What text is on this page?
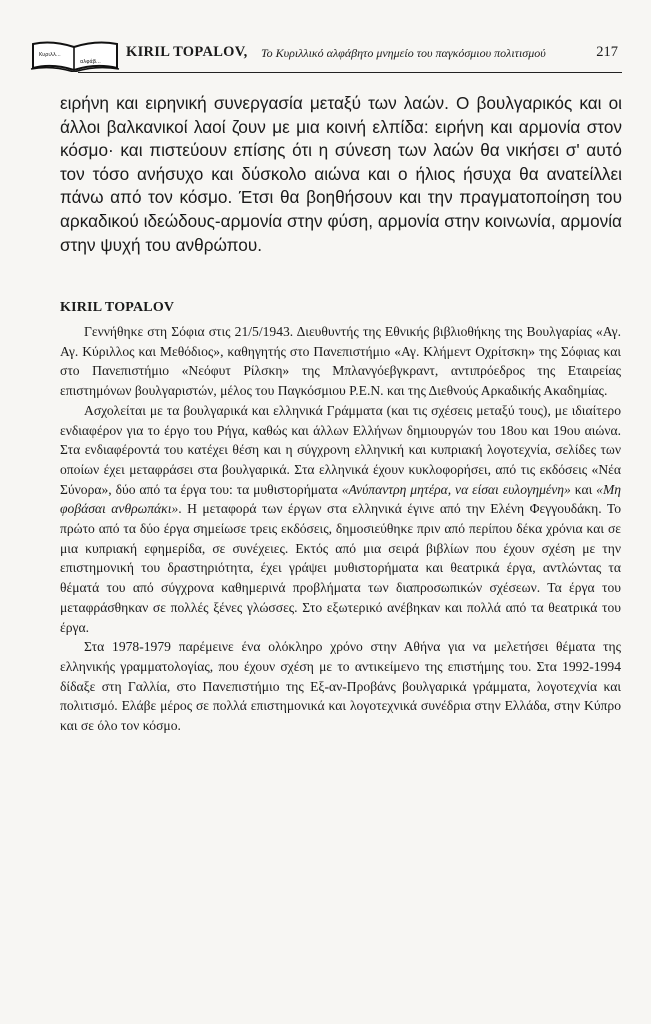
Κυριλλ...
αλφάβ...
KIRIL TOPALOV, Το Κυριλλικό αλφάβητο μνημείο του παγκόσμιου πολιτισμού	217

ειρήνη και ειρηνική συνεργασία μεταξύ των λαών. Ο βουλγαρικός και οι άλλοι βαλκανικοί λαοί ζουν με μια κοινή ελπίδα: ειρήνη και αρμονία στον κόσμο· και πιστεύουν επίσης ότι η σύνεση των λαών θα νικήσει σ' αυτό τον τόσο ανήσυχο και δύσκολο αιώνα και ο ήλιος ήσυχα θα ανατείλλει πάνω από τον κόσμο. Έτσι θα βοηθήσουν και την πραγματοποίηση του αρκαδικού ιδεώδους-αρμονία στην φύση, αρμονία στην κοινωνία, αρμονία στην ψυχή του ανθρώπου.

KIRIL TOPALOV

Γεννήθηκε στη Σόφια στις 21/5/1943. Διευθυντής της Εθνικής βιβλιοθήκης της Βουλγαρίας «Αγ. Αγ. Κύριλλος και Μεθόδιος», καθηγητής στο Πανεπιστήμιο «Αγ. Κλήμεντ Οχρίτσκη» της Σόφιας και στο Πανεπιστήμιο «Νεόφυτ Ρίλσκη» της Μπλανγόεβγκραντ, αντιπρόεδρος της Εταιρείας επιστημόνων βουλγαριστών, μέλος του Παγκόσμιου Ρ.Ε.Ν. και της Διεθνούς Αρκαδικής Ακαδημίας.

Ασχολείται με τα βουλγαρικά και ελληνικά Γράμματα (και τις σχέσεις μεταξύ τους), με ιδιαίτερο ενδιαφέρον για το έργο του Ρήγα, καθώς και άλλων Ελλήνων δημιουργών του 18ου και 19ου αιώνα. Στα ενδιαφέροντά του κατέχει θέση και η σύγχρονη ελληνική και κυπριακή λογοτεχνία, σελίδες των οποίων έχει μεταφράσει στα βουλγαρικά. Στα ελληνικά έχουν κυκλοφορήσει, από τις εκδόσεις «Νέα Σύνορα», δύο από τα έργα του: τα μυθιστορήματα «Ανύπαντρη μητέρα, να είσαι ευλογημένη» και «Μη φοβάσαι ανθρωπάκι». Η μεταφορά των έργων στα ελληνικά έγινε από την Ελένη Φεγγουδάκη. Το πρώτο από τα δύο έργα σημείωσε τρεις εκδόσεις, δημοσιεύθηκε πριν από περίπου δέκα χρόνια και σε μια κυπριακή εφημερίδα, σε συνέχειες. Εκτός από μια σειρά βιβλίων που έχουν σχέση με την επιστημονική του δραστηριότητα, έχει γράψει μυθιστορήματα και θεατρικά έργα, αντλώντας τα θέματά του από σύγχρονα καθημερινά προβλήματα των διαπροσωπικών σχέσεων. Τα έργα του μεταφράσθηκαν σε πολλές ξένες γλώσσες. Στο εξωτερικό ανέβηκαν και πολλά από τα θεατρικά του έργα.

Στα 1978-1979 παρέμεινε ένα ολόκληρο χρόνο στην Αθήνα για να μελετήσει θέματα της ελληνικής γραμματολογίας, που έχουν σχέση με το αντικείμενο της επιστήμης του. Στα 1992-1994 δίδαξε στη Γαλλία, στο Πανεπιστήμιο της Εξ-αν-Προβάνς βουλγαρικά γράμματα, λογοτεχνία και πολιτισμό. Ελάβε μέρος σε πολλά επιστημονικά και λογοτεχνικά συνέδρια στην Ελλάδα, στην Κύπρο και σε όλο τον κόσμο.
